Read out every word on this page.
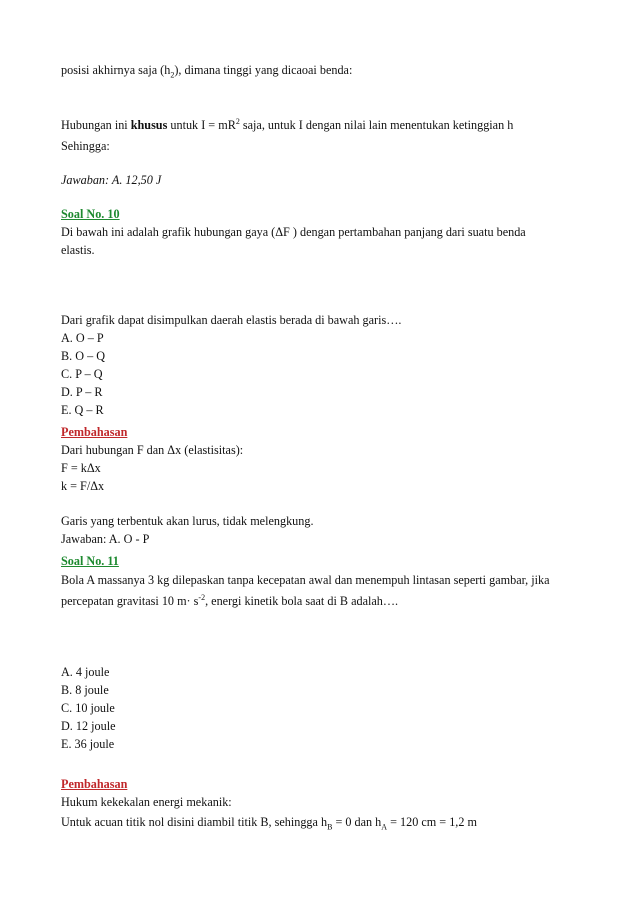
posisi akhirnya saja $(h_2)$, dimana tinggi yang dicaoai benda:
Hubungan ini khusus untuk $I = mR^2$ saja, untuk I dengan nilai lain menentukan ketinggian h
Sehingga:
Jawaban: A. 12,50 J
Soal No. 10
Di bawah ini adalah grafik hubungan gaya (ΔF ) dengan pertambahan panjang dari suatu benda
elastis.
Dari grafik dapat disimpulkan daerah elastis berada di bawah garis….
A. O – P
B. O – Q
C. P – Q
D. P – R
E. Q – R
Pembahasan
Dari hubungan F dan Δx (elastisitas):
F = kΔx
k = F/Δx
Garis yang terbentuk akan lurus, tidak melengkung.
Jawaban: A. O - P
Soal No. 11
Bola A massanya 3 kg dilepaskan tanpa kecepatan awal dan menempuh lintasan seperti gambar, jika
percepatan gravitasi 10 $m\cdot s^{-2}$, energi kinetik bola saat di B adalah….
A. 4 joule
B. 8 joule
C. 10 joule
D. 12 joule
E. 36 joule
Pembahasan
Hukum kekekalan energi mekanik:
Untuk acuan titik nol disini diambil titik B, sehingga $h_B = 0$ dan $h_A = 120$ cm = 1,2 m
